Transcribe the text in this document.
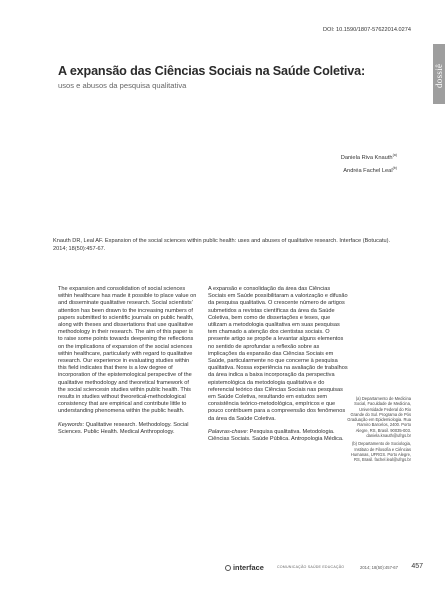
DOI: 10.1590/1807-57622014.0274
dossiê
A expansão das Ciências Sociais na Saúde Coletiva:
usos e abusos da pesquisa qualitativa
Daniela Riva Knauth$^{(a)}$
Andréa Fachel Leal$^{(b)}$
Knauth DR, Leal AF. Expansion of the social sciences within public health: uses and abuses of qualitative research. Interface (Botucatu). 2014; 18(50):457-67.

The expansion and consolidation of social sciences within healthcare has made it possible to place value on and disseminate qualitative research. Social scientists' attention has been drawn to the increasing numbers of papers submitted to scientific journals on public health, along with theses and dissertations that use qualitative methodology in their research. The aim of this paper is to raise some points towards deepening the reflections on the implications of expansion of the social sciences within healthcare, particularly with regard to qualitative research. Our experience in evaluating studies within this field indicates that there is a low degree of incorporation of the epistemological perspective of the qualitative methodology and theoretical framework of the social sciencesin studies within public health. This results in studies without theoretical-methodological consistency that are empirical and contribute little to understanding phenomena within the public health.

Keywords: Qualitative research. Methodology. Social Sciences. Public Health. Medical Anthropology.

A expansão e consolidação da área das Ciências Sociais em Saúde possibilitaram a valorização e difusão da pesquisa qualitativa. O crescente número de artigos submetidos a revistas científicas da área da Saúde Coletiva, bem como de dissertações e teses, que utilizam a metodologia qualitativa em suas pesquisas tem chamado a atenção dos cientistas sociais. O presente artigo se propõe a levantar alguns elementos no sentido de aprofundar a reflexão sobre as implicações da expansão das Ciências Sociais em Saúde, particularmente no que concerne à pesquisa qualitativa. Nossa experiência na avaliação de trabalhos da área indica a baixa incorporação da perspectiva epistemológica da metodologia qualitativa e do referencial teórico das Ciências Sociais nas pesquisas em Saúde Coletiva, resultando em estudos sem consistência teórico-metodológica, empíricos e que pouco contribuem para a compreensão dos fenômenos da área da Saúde Coletiva.

Palavras-chave: Pesquisa qualitativa. Metodologia. Ciências Sociais. Saúde Pública. Antropologia Médica.

(a) Departamento de Medicina Social, Faculdade de Medicina, Universidade Federal do Rio Grande do Sul. Programa de Pós Graduação em Epidemiologia. Rua Ramiro Barcelos, 2400. Porto Alegre, RS, Brasil. 90035-003. daniela.knauth@ufrgs.br

(b) Departamento de Sociologia, Instituto de Filosofia e Ciências Humanas, UFRGS. Porto Alegre, RS, Brasil. fachel.leal@ufrgs.br

interface	COMUNICAÇÃO SAÚDE EDUCAÇÃO	2014; 18(50):457-67 457
